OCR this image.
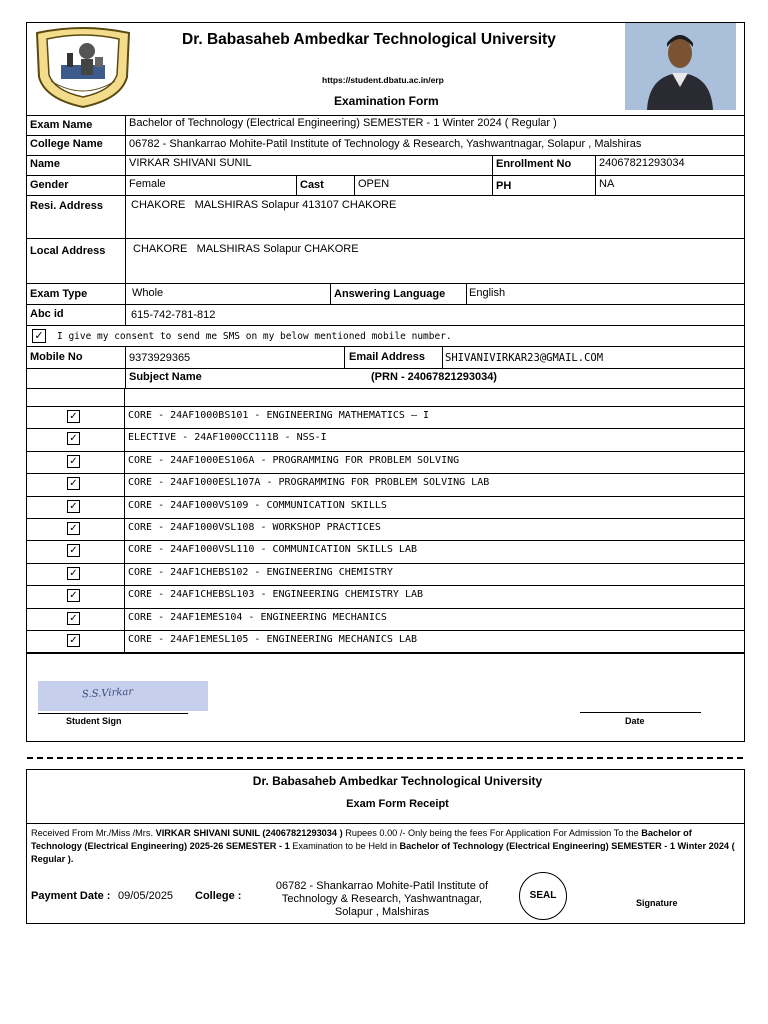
Dr. Babasaheb Ambedkar Technological University
https://student.dbatu.ac.in/erp
Examination Form
Exam Name	Bachelor of Technology (Electrical Engineering) SEMESTER - 1 Winter 2024 ( Regular )
College Name 06782 - Shankarrao Mohite-Patil Institute of Technology & Research, Yashwantnagar, Solapur , Malshiras
Name	VIRKAR SHIVANI SUNIL	Enrollment No	24067821293034
Gender	Female	Cast	OPEN	PH	NA
Resi. Address	CHAKORE   MALSHIRAS Solapur 413107 CHAKORE
Local Address	CHAKORE   MALSHIRAS Solapur CHAKORE
Exam Type	Whole	Answering Language English
Abc id	615-742-781-812
✓ I give my consent to send me SMS on my below mentioned mobile number.
Mobile No	9373929365	Email Address SHIVANIVIRKAR23@GMAIL.COM
Subject Name	(PRN - 24067821293034)
✓	CORE - 24AF1000BS101 - ENGINEERING MATHEMATICS – I
✓	ELECTIVE - 24AF1000CC111B - NSS-I
✓	CORE - 24AF1000ES106A - PROGRAMMING FOR PROBLEM SOLVING
✓	CORE - 24AF1000ESL107A - PROGRAMMING FOR PROBLEM SOLVING LAB
✓	CORE - 24AF1000VS109 - COMMUNICATION SKILLS
✓	CORE - 24AF1000VSL108 - WORKSHOP PRACTICES
✓	CORE - 24AF1000VSL110 - COMMUNICATION SKILLS LAB
✓	CORE - 24AF1CHEBS102 - ENGINEERING CHEMISTRY
✓	CORE - 24AF1CHEBSL103 - ENGINEERING CHEMISTRY LAB
✓	CORE - 24AF1EMES104 - ENGINEERING MECHANICS
✓	CORE - 24AF1EMESL105 - ENGINEERING MECHANICS LAB
S.S.Virkar
Student Sign	Date
Dr. Babasaheb Ambedkar Technological University
Exam Form Receipt
Received From Mr./Miss /Mrs. VIRKAR SHIVANI SUNIL (24067821293034 ) Rupees 0.00 /- Only being the fees For Application For Admission To the Bachelor of Technology (Electrical Engineering) 2025-26 SEMESTER - 1 Examination to be Held in Bachelor of Technology (Electrical Engineering) SEMESTER - 1 Winter 2024 ( Regular ).
Payment Date : 09/05/2025 College :
06782 - Shankarrao Mohite-Patil Institute of Technology & Research, Yashwantnagar, Solapur , Malshiras
SEAL
Signature
